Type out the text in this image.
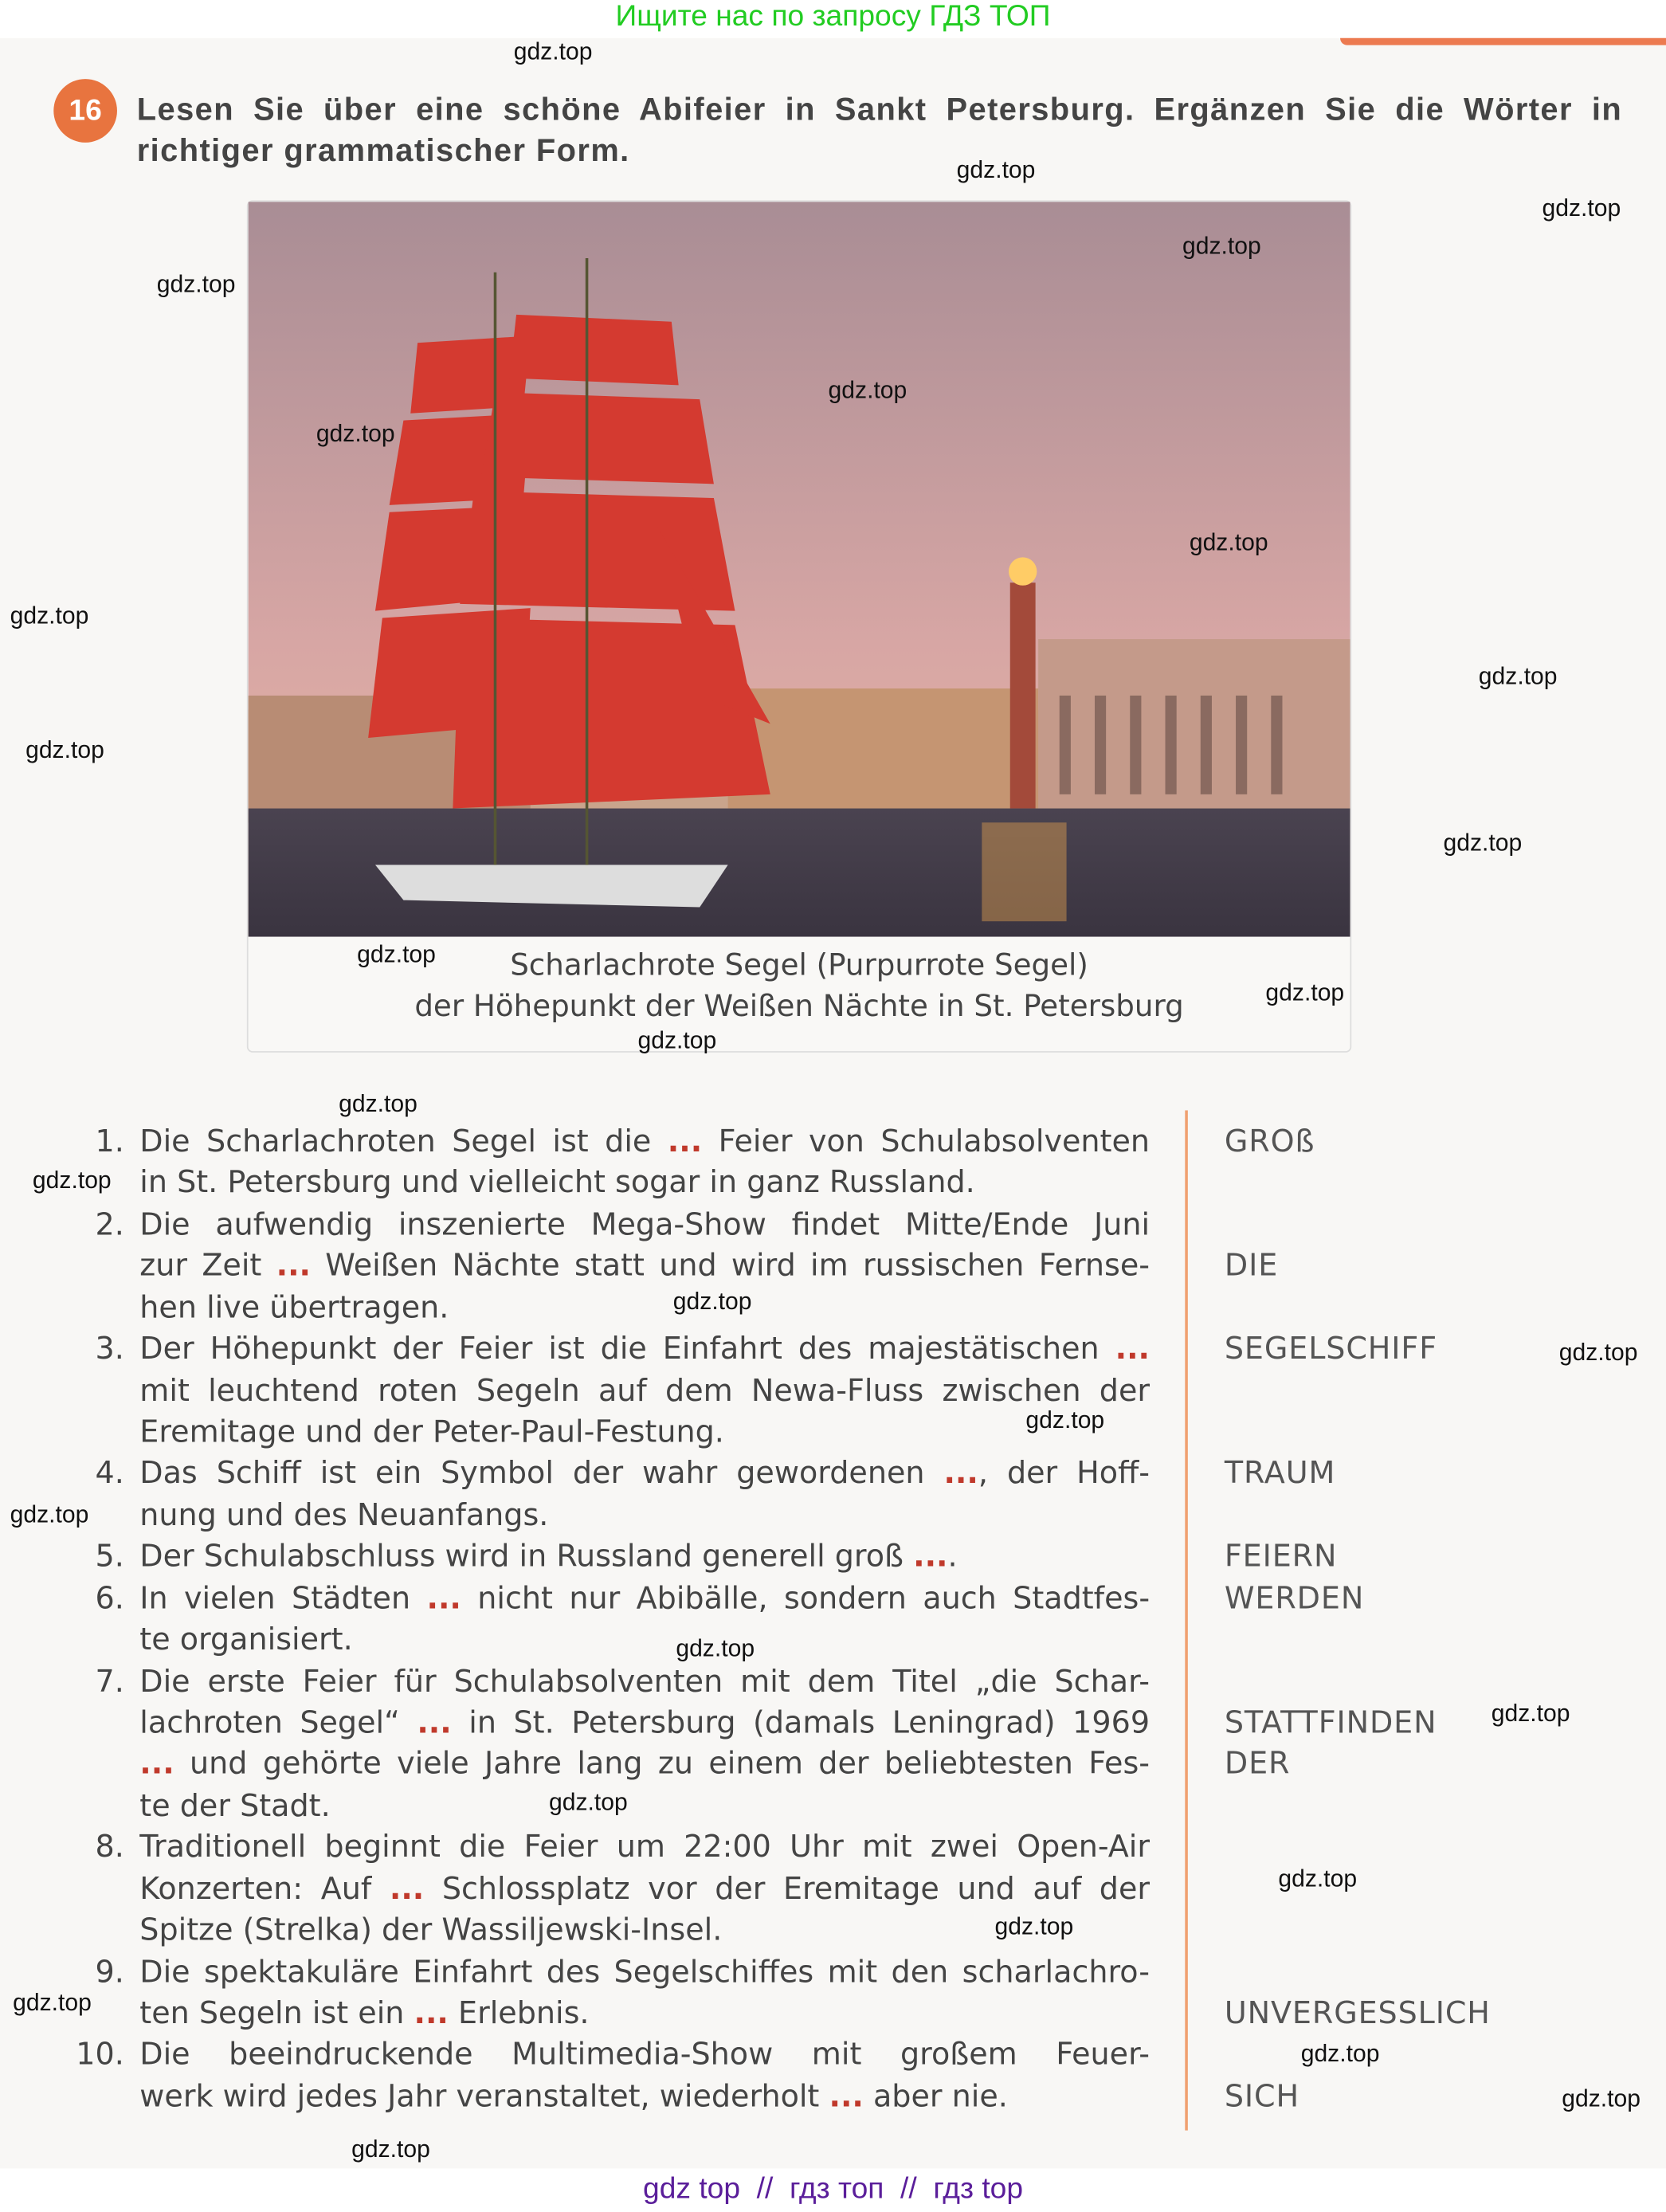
Ищите нас по запросу ГДЗ ТОП
16	Lesen Sie über eine schöne Abifeier in Sankt Petersburg. Ergänzen Sie die Wörter in
richtiger grammatischer Form.
Scharlachrote Segel (Purpurrote Segel)
der Höhepunkt der Weißen Nächte in St. Petersburg
1. Die Scharlachroten Segel ist die ... Feier von Schulabsolventen
in St. Petersburg und vielleicht sogar in ganz Russland.
2. Die aufwendig inszenierte Mega-Show findet Mitte/Ende Juni
zur Zeit ... Weißen Nächte statt und wird im russischen Fernse-
hen live übertragen.
3. Der Höhepunkt der Feier ist die Einfahrt des majestätischen ...
mit leuchtend roten Segeln auf dem Newa-Fluss zwischen der
Eremitage und der Peter-Paul-Festung.
4. Das Schiff ist ein Symbol der wahr gewordenen ..., der Hoff-
nung und des Neuanfangs.
5. Der Schulabschluss wird in Russland generell groß ....
6. In vielen Städten ... nicht nur Abibälle, sondern auch Stadtfes-
te organisiert.
7. Die erste Feier für Schulabsolventen mit dem Titel „die Schar-
lachroten Segel“ ... in St. Petersburg (damals Leningrad) 1969
... und gehörte viele Jahre lang zu einem der beliebtesten Fes-
te der Stadt.
8. Traditionell beginnt die Feier um 22:00 Uhr mit zwei Open-Air
Konzerten: Auf ... Schlossplatz vor der Eremitage und auf der
Spitze (Strelka) der Wassiljewski-Insel.
9. Die spektakuläre Einfahrt des Segelschiffes mit den scharlachro-
ten Segeln ist ein ... Erlebnis.
10. Die beeindruckende Multimedia-Show mit großem Feuer-
werk wird jedes Jahr veranstaltet, wiederholt ... aber nie.
GROß
DIE
SEGELSCHIFF
TRAUM
FEIERN
WERDEN
STATTFINDEN
DER
UNVERGESSLICH
SICH
gdz.top
gdz.top
gdz.top
gdz.top
gdz.top
gdz.top
gdz.top
gdz.top
gdz.top
gdz.top
gdz.top
gdz.top
gdz.top
gdz.top
gdz.top
gdz.top
gdz.top
gdz.top
gdz.top
gdz.top
gdz.top
gdz.top
gdz.top
gdz.top
gdz.top
gdz.top
gdz.top
gdz.top
gdz.top
gdz.top
gdz top  //  гдз топ  //  гдз top
